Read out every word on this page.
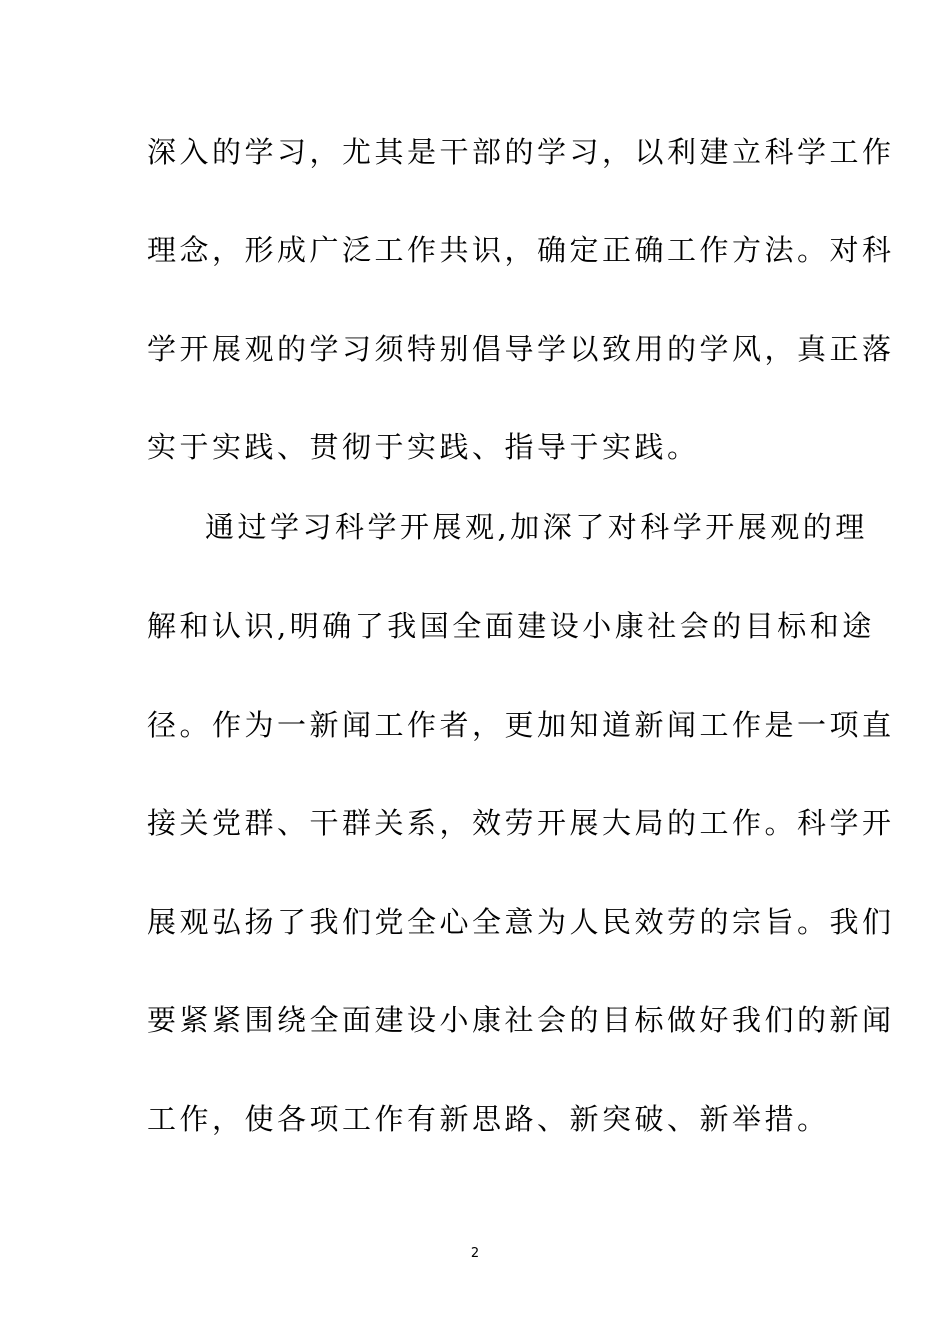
深入的学习，尤其是干部的学习，以利建立科学工作
理念，形成广泛工作共识，确定正确工作方法。对科
学开展观的学习须特别倡导学以致用的学风，真正落
实于实践、贯彻于实践、指导于实践。
通过学习科学开展观,加深了对科学开展观的理
解和认识,明确了我国全面建设小康社会的目标和途
径。作为一新闻工作者，更加知道新闻工作是一项直
接关党群、干群关系，效劳开展大局的工作。科学开
展观弘扬了我们党全心全意为人民效劳的宗旨。我们
要紧紧围绕全面建设小康社会的目标做好我们的新闻
工作，使各项工作有新思路、新突破、新举措。
2
